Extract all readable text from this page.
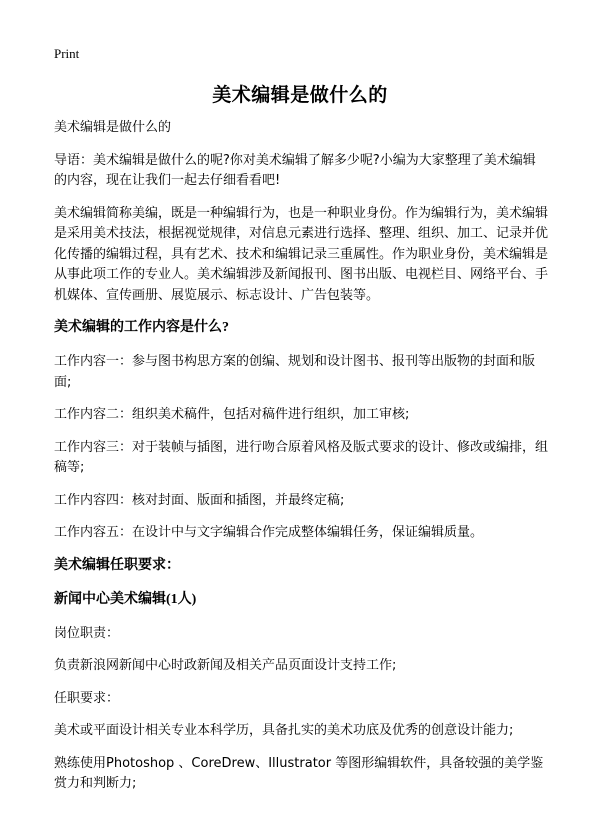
Print
美术编辑是做什么的

美术编辑是做什么的

导语：美术编辑是做什么的呢?你对美术编辑了解多少呢?小编为大家整理了美术编辑的内容，现在让我们一起去仔细看看吧!

美术编辑简称美编，既是一种编辑行为，也是一种职业身份。作为编辑行为，美术编辑是采用美术技法，根据视觉规律，对信息元素进行选择、整理、组织、加工、记录并优化传播的编辑过程，具有艺术、技术和编辑记录三重属性。作为职业身份，美术编辑是从事此项工作的专业人。美术编辑涉及新闻报刊、图书出版、电视栏目、网络平台、手机媒体、宣传画册、展览展示、标志设计、广告包装等。

美术编辑的工作内容是什么?

工作内容一：参与图书构思方案的创编、规划和设计图书、报刊等出版物的封面和版面;

工作内容二：组织美术稿件，包括对稿件进行组织，加工审核;

工作内容三：对于装帧与插图，进行吻合原着风格及版式要求的设计、修改或编排，组稿等;

工作内容四：核对封面、版面和插图，并最终定稿;

工作内容五：在设计中与文字编辑合作完成整体编辑任务，保证编辑质量。

美术编辑任职要求：

新闻中心美术编辑(1人)

岗位职责：

负责新浪网新闻中心时政新闻及相关产品页面设计支持工作;

任职要求：

美术或平面设计相关专业本科学历，具备扎实的美术功底及优秀的创意设计能力;

熟练使用Photoshop 、CoreDrew、Illustrator 等图形编辑软件，具备较强的美学鉴赏力和判断力;
